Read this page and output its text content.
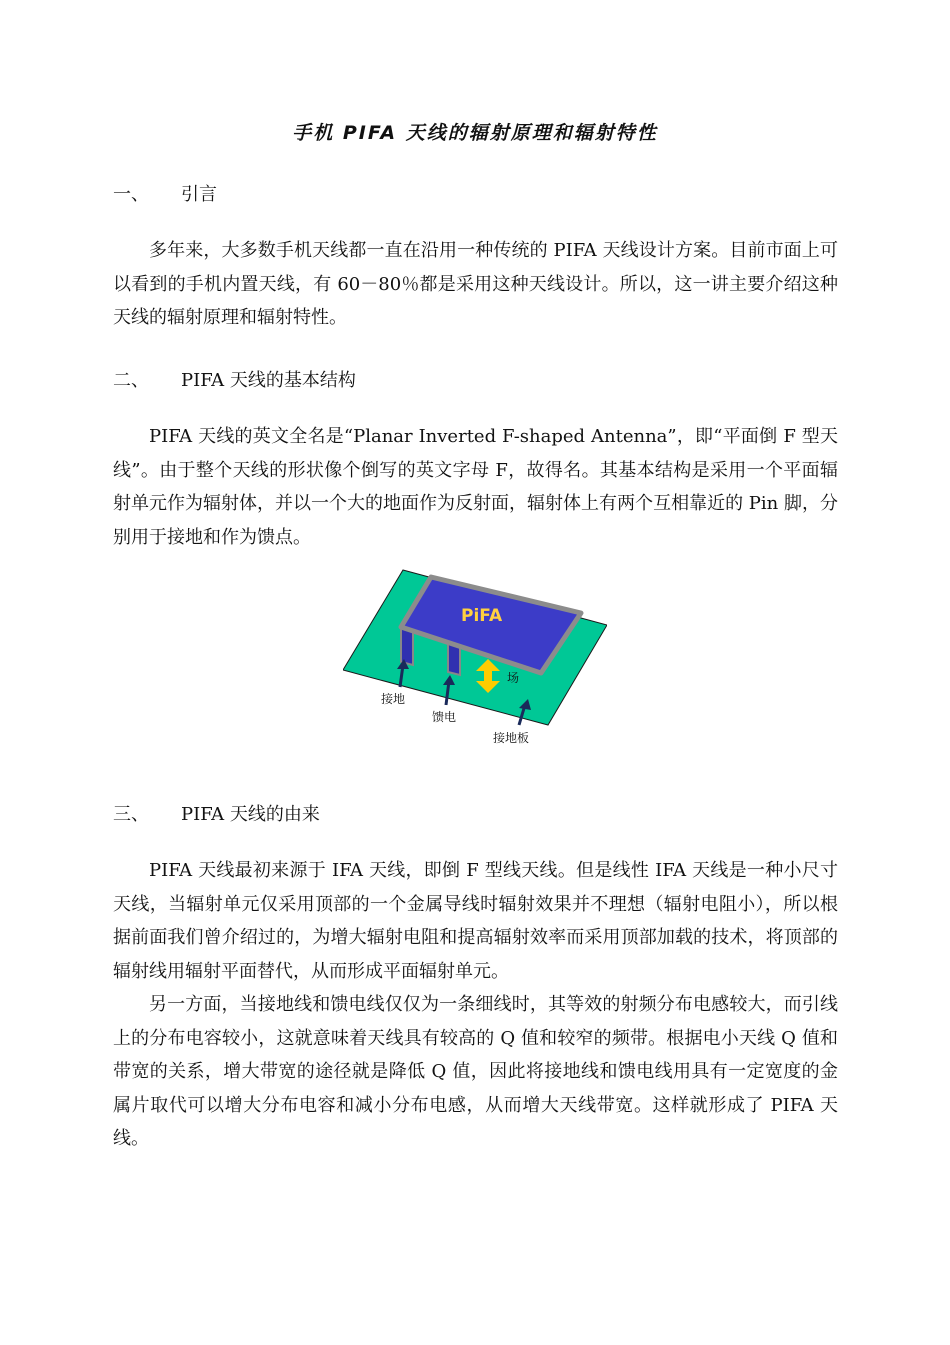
手机 PIFA 天线的辐射原理和辐射特性
一、 引言

多年来，大多数手机天线都一直在沿用一种传统的 PIFA 天线设计方案。目前市面上可以看到的手机内置天线，有 60－80％都是采用这种天线设计。所以，这一讲主要介绍这种天线的辐射原理和辐射特性。

二、 PIFA 天线的基本结构

PIFA 天线的英文全名是“Planar Inverted F-shaped Antenna”，即“平面倒 F 型天线”。由于整个天线的形状像个倒写的英文字母 F，故得名。其基本结构是采用一个平面辐射单元作为辐射体，并以一个大的地面作为反射面，辐射体上有两个互相靠近的 Pin 脚，分别用于接地和作为馈点。

PiFA
场
接地
馈电
接地板
三、 PIFA 天线的由来

PIFA 天线最初来源于 IFA 天线，即倒 F 型线天线。但是线性 IFA 天线是一种小尺寸天线，当辐射单元仅采用顶部的一个金属导线时辐射效果并不理想（辐射电阻小），所以根据前面我们曾介绍过的，为增大辐射电阻和提高辐射效率而采用顶部加载的技术，将顶部的辐射线用辐射平面替代，从而形成平面辐射单元。

另一方面，当接地线和馈电线仅仅为一条细线时，其等效的射频分布电感较大，而引线上的分布电容较小，这就意味着天线具有较高的 Q 值和较窄的频带。根据电小天线 Q 值和带宽的关系，增大带宽的途径就是降低 Q 值，因此将接地线和馈电线用具有一定宽度的金属片取代可以增大分布电容和减小分布电感，从而增大天线带宽。这样就形成了 PIFA 天线。
